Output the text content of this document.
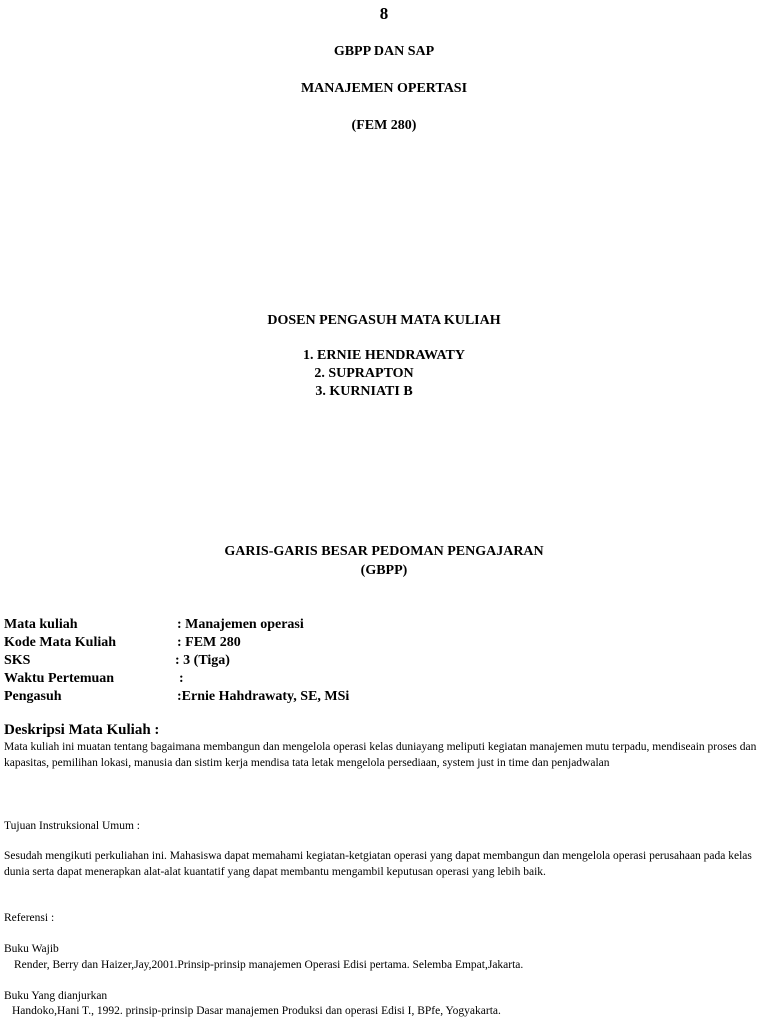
8
GBPP DAN SAP
MANAJEMEN OPERTASI
(FEM 280)
DOSEN PENGASUH MATA KULIAH
1. ERNIE HENDRAWATY
2. SUPRAPTON
3. KURNIATI B
GARIS-GARIS BESAR PEDOMAN PENGAJARAN
(GBPP)
Mata kuliah	: Manajemen operasi
Kode Mata Kuliah	: FEM 280
SKS	: 3 (Tiga)
Waktu Pertemuan	:
Pengasuh	:Ernie Hahdrawaty, SE, MSi
Deskripsi Mata Kuliah :
Mata kuliah ini muatan tentang bagaimana membangun dan mengelola operasi kelas duniayang meliputi kegiatan manajemen mutu terpadu, mendiseain proses dan kapasitas, pemilihan lokasi, manusia dan sistim kerja mendisa tata letak mengelola persediaan, system just in time dan penjadwalan
Tujuan Instruksional Umum :
Sesudah mengikuti perkuliahan ini. Mahasiswa dapat memahami kegiatan-ketgiatan operasi yang dapat membangun dan mengelola operasi perusahaan pada kelas dunia serta dapat menerapkan alat-alat kuantatif yang dapat membantu mengambil keputusan operasi yang lebih baik.
Referensi :
Buku Wajib
Render, Berry dan Haizer,Jay,2001.Prinsip-prinsip manajemen Operasi Edisi pertama. Selemba Empat,Jakarta.
Buku Yang dianjurkan
Handoko,Hani T., 1992. prinsip-prinsip Dasar manajemen Produksi dan operasi Edisi I, BPfe, Yogyakarta.
